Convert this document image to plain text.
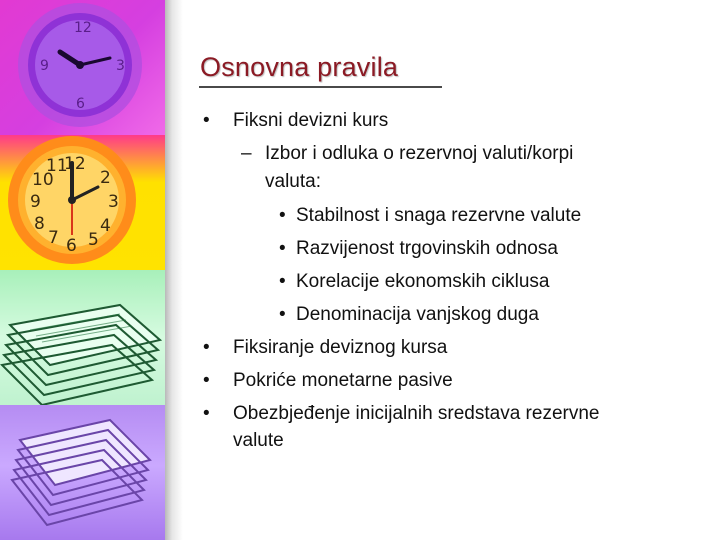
12
3
6
9
12
2
3
4
5
6
7
8
9
10
11
Osnovna pravila
• Fiksni devizni kurs
– Izbor i odluka o rezervnoj valuti/korpi
valuta:
• Stabilnost i snaga rezervne valute
• Razvijenost trgovinskih odnosa
• Korelacije ekonomskih ciklusa
• Denominacija vanjskog duga
• Fiksiranje deviznog kursa
• Pokriće monetarne pasive
• Obezbjeđenje inicijalnih sredstava rezervne
valute
